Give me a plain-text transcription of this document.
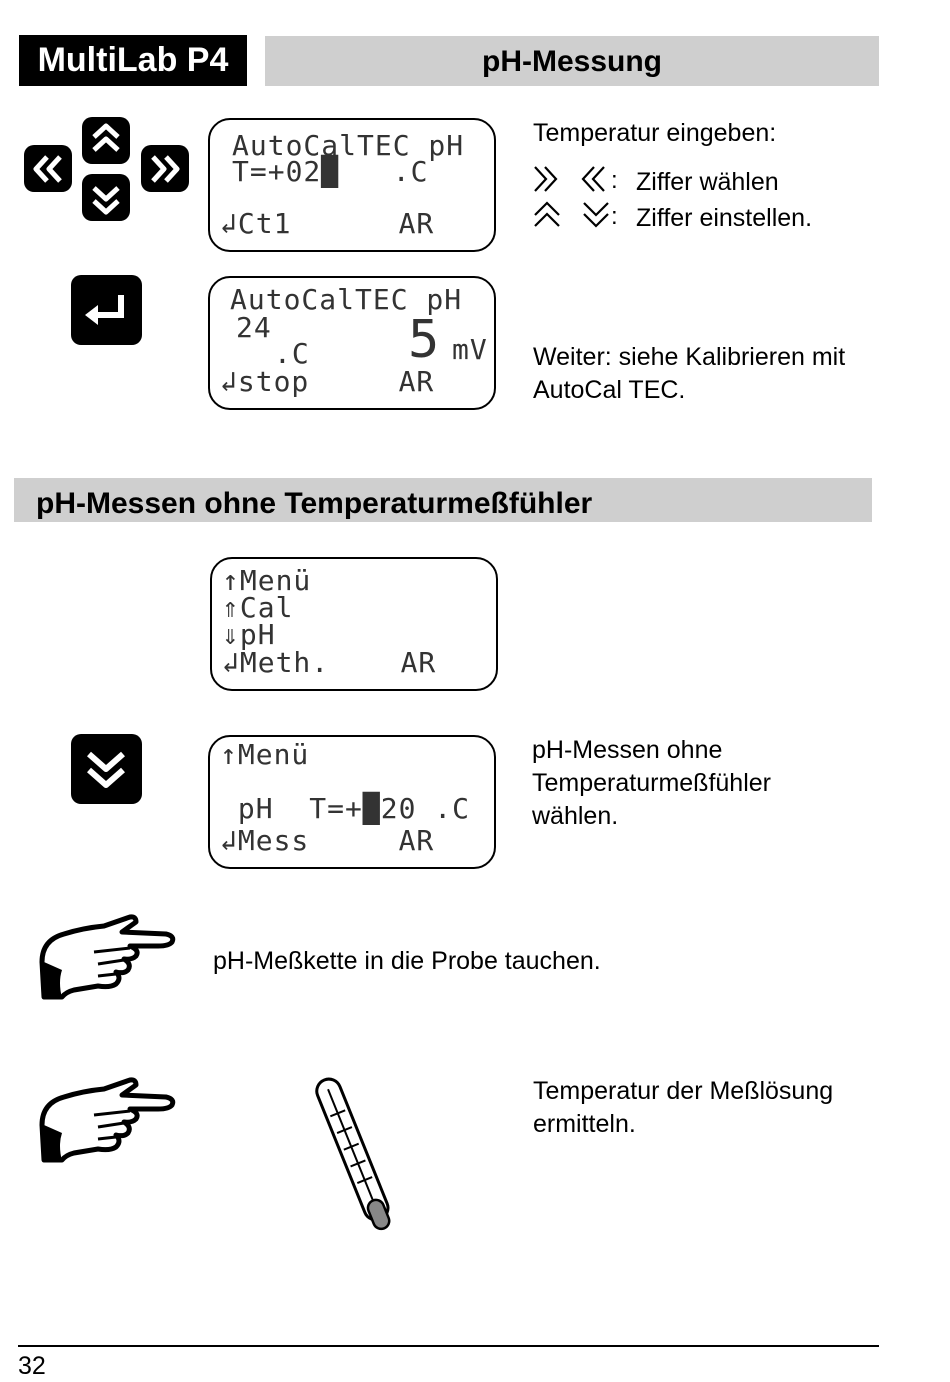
MultiLab P4	pH-Messung
AutoCalTEC pH
T=+02█   .C
↲Ct1      AR
Temperatur eingeben:
: Ziffer wählen
: Ziffer einstellen.
AutoCalTEC pH
24
.C 5 mV
↲stop     AR
Weiter: siehe Kalibrieren mit
AutoCal TEC.
pH-Messen ohne Temperaturmeßfühler
↑Menü
⇑Cal
⇓pH
↲Meth.    AR
↑Menü
pH  T=+█20 .C
↲Mess     AR
pH-Messen ohne
Temperaturmeßfühler
wählen.
pH-Meßkette in die Probe tauchen.
Temperatur der Meßlösung
ermitteln.
32
